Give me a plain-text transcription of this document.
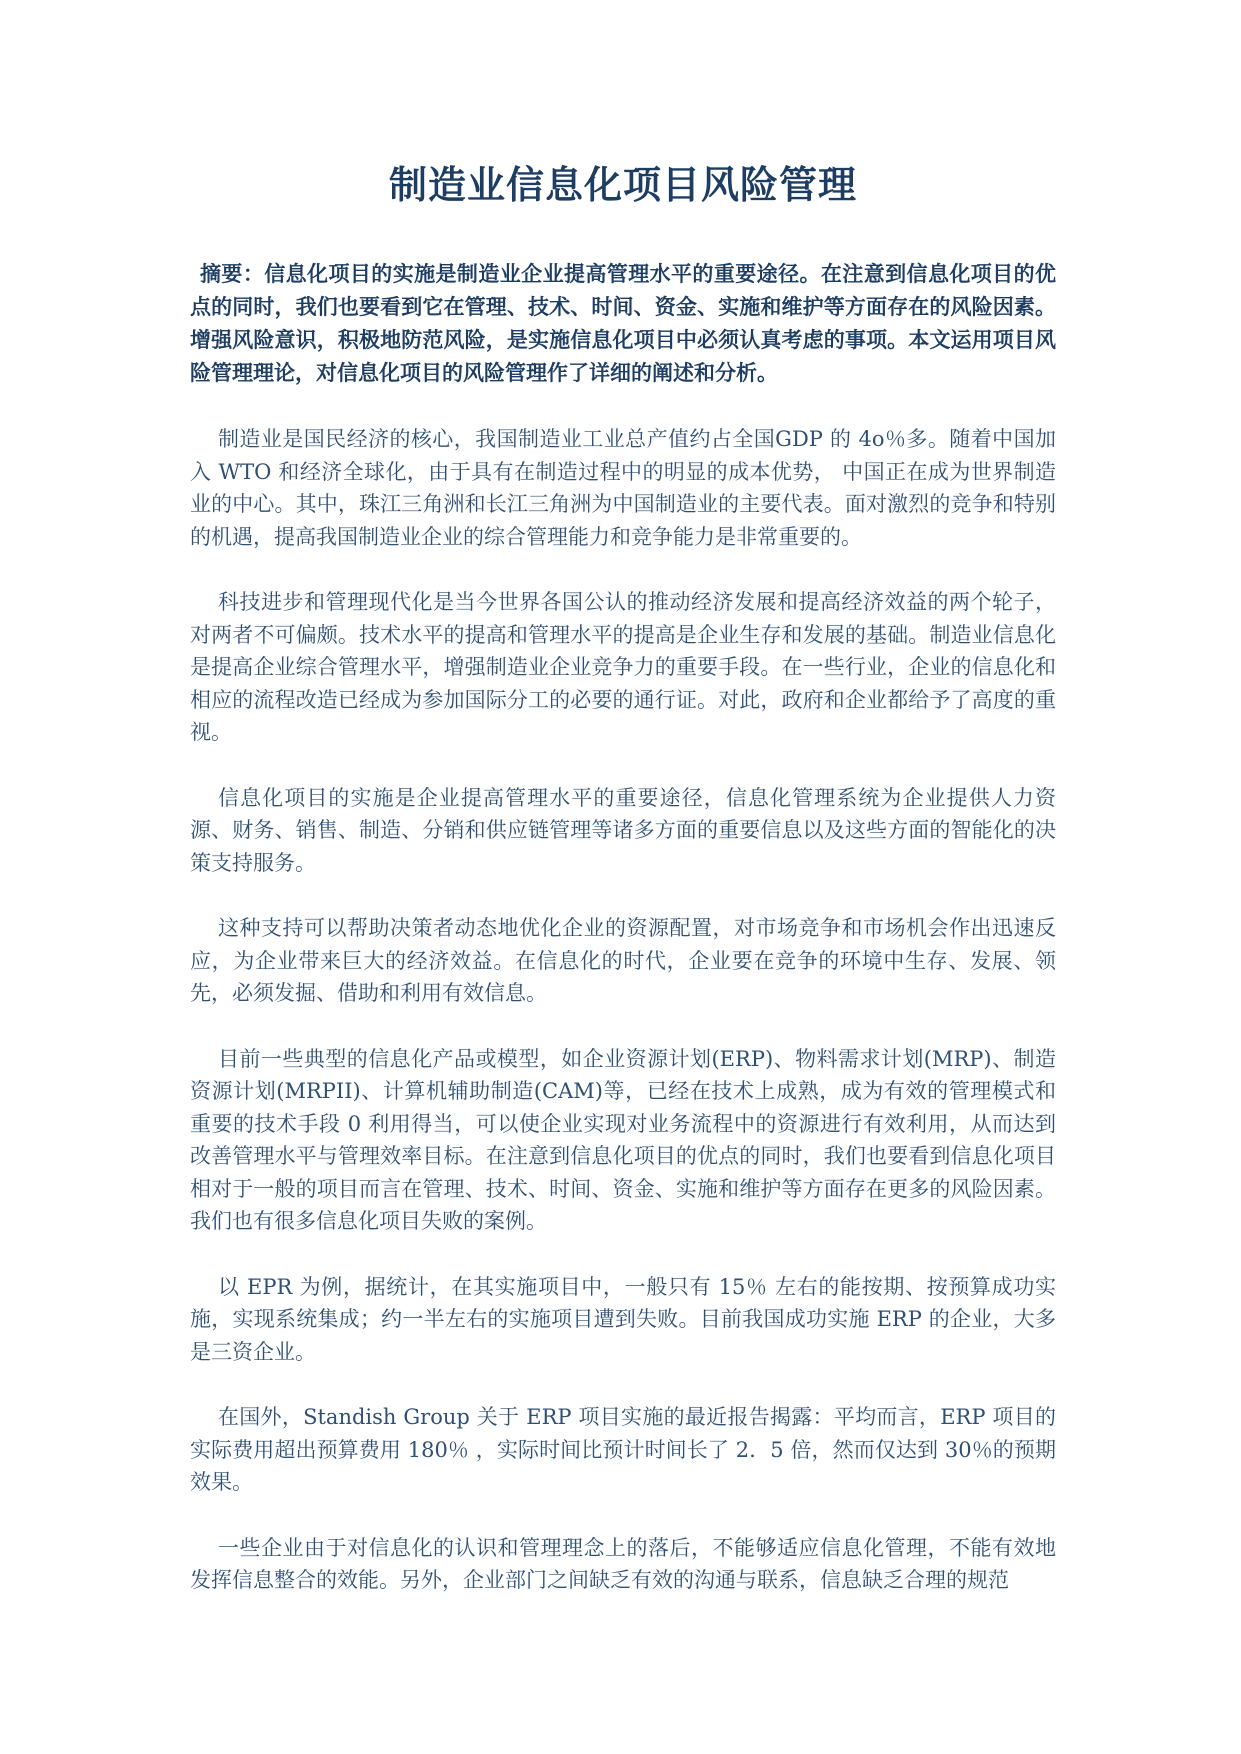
制造业信息化项目风险管理

摘要：信息化项目的实施是制造业企业提高管理水平的重要途径。在注意到信息化项目的优点的同时，我们也要看到它在管理、技术、时间、资金、实施和维护等方面存在的风险因素。增强风险意识，积极地防范风险，是实施信息化项目中必须认真考虑的事项。本文运用项目风险管理理论，对信息化项目的风险管理作了详细的阐述和分析。

制造业是国民经济的核心，我国制造业工业总产值约占全国GDP 的 4o％多。随着中国加入 WTO 和经济全球化，由于具有在制造过程中的明显的成本优势， 中国正在成为世界制造业的中心。其中，珠江三角洲和长江三角洲为中国制造业的主要代表。面对激烈的竞争和特别的机遇，提高我国制造业企业的综合管理能力和竞争能力是非常重要的。

科技进步和管理现代化是当今世界各国公认的推动经济发展和提高经济效益的两个轮子，对两者不可偏颇。技术水平的提高和管理水平的提高是企业生存和发展的基础。制造业信息化是提高企业综合管理水平，增强制造业企业竞争力的重要手段。在一些行业，企业的信息化和相应的流程改造已经成为参加国际分工的必要的通行证。对此，政府和企业都给予了高度的重视。

信息化项目的实施是企业提高管理水平的重要途径，信息化管理系统为企业提供人力资源、财务、销售、制造、分销和供应链管理等诸多方面的重要信息以及这些方面的智能化的决策支持服务。

这种支持可以帮助决策者动态地优化企业的资源配置，对市场竞争和市场机会作出迅速反应，为企业带来巨大的经济效益。在信息化的时代，企业要在竞争的环境中生存、发展、领先，必须发掘、借助和利用有效信息。

目前一些典型的信息化产品或模型，如企业资源计划(ERP)、物料需求计划(MRP)、制造资源计划(MRPII)、计算机辅助制造(CAM)等，已经在技术上成熟，成为有效的管理模式和重要的技术手段 0 利用得当，可以使企业实现对业务流程中的资源进行有效利用，从而达到改善管理水平与管理效率目标。在注意到信息化项目的优点的同时，我们也要看到信息化项目相对于一般的项目而言在管理、技术、时间、资金、实施和维护等方面存在更多的风险因素。我们也有很多信息化项目失败的案例。

以 EPR 为例，据统计，在其实施项目中，一般只有 15％ 左右的能按期、按预算成功实施，实现系统集成；约一半左右的实施项目遭到失败。目前我国成功实施 ERP 的企业，大多是三资企业。

在国外，Standish Group 关于 ERP 项目实施的最近报告揭露：平均而言，ERP 项目的实际费用超出预算费用 180％ ，实际时间比预计时间长了 2．5 倍，然而仅达到 30％的预期效果。

一些企业由于对信息化的认识和管理理念上的落后，不能够适应信息化管理，不能有效地发挥信息整合的效能。另外，企业部门之间缺乏有效的沟通与联系，信息缺乏合理的规范
